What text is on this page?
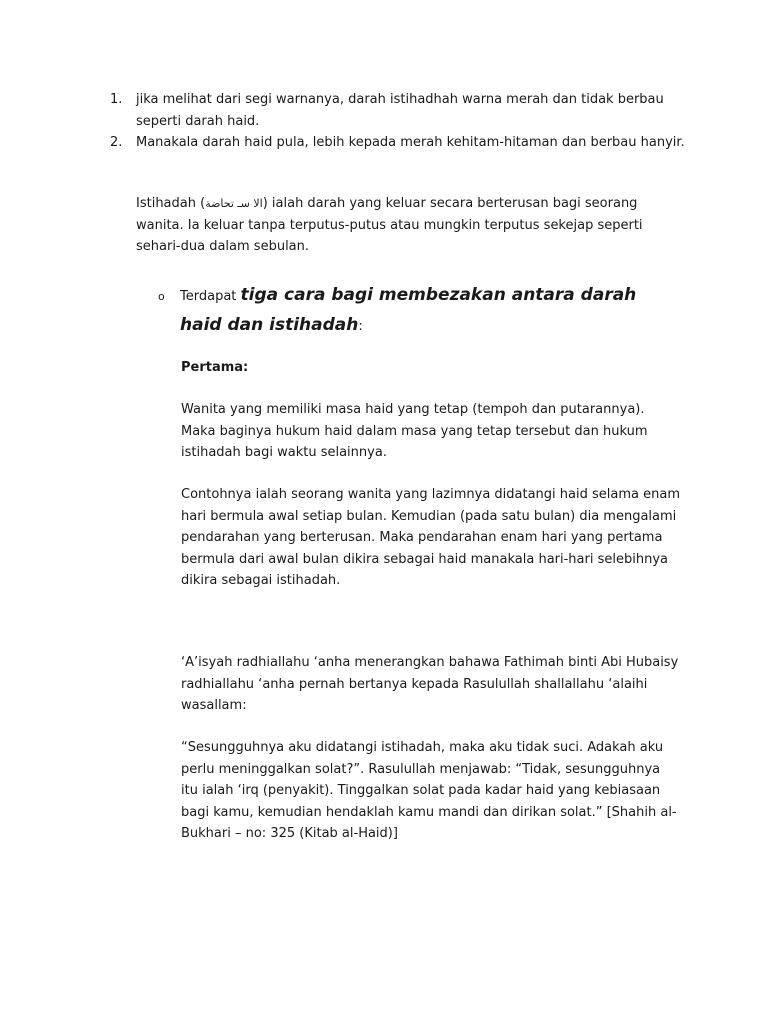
1. jika melihat dari segi warnanya, darah istihadhah warna merah dan tidak berbau seperti darah haid.
2. Manakala darah haid pula, lebih kepada merah kehitam-hitaman dan berbau hanyir.

Istihadah (الا سـ تحاضة) ialah darah yang keluar secara berterusan bagi seorang wanita. Ia keluar tanpa terputus-putus atau mungkin terputus sekejap seperti sehari-dua dalam sebulan.

o Terdapat tiga cara bagi membezakan antara darah haid dan istihadah:

Pertama:

Wanita yang memiliki masa haid yang tetap (tempoh dan putarannya). Maka baginya hukum haid dalam masa yang tetap tersebut dan hukum istihadah bagi waktu selainnya.

Contohnya ialah seorang wanita yang lazimnya didatangi haid selama enam hari bermula awal setiap bulan. Kemudian (pada satu bulan) dia mengalami pendarahan yang berterusan. Maka pendarahan enam hari yang pertama bermula dari awal bulan dikira sebagai haid manakala hari-hari selebihnya dikira sebagai istihadah.

‘A’isyah radhiallahu ‘anha menerangkan bahawa Fathimah binti Abi Hubaisy radhiallahu ‘anha pernah bertanya kepada Rasulullah shallallahu ‘alaihi wasallam:

“Sesungguhnya aku didatangi istihadah, maka aku tidak suci. Adakah aku perlu meninggalkan solat?”. Rasulullah menjawab: “Tidak, sesungguhnya itu ialah ‘irq (penyakit). Tinggalkan solat pada kadar haid yang kebiasaan bagi kamu, kemudian hendaklah kamu mandi dan dirikan solat.” [Shahih al-Bukhari – no: 325 (Kitab al-Haid)]
